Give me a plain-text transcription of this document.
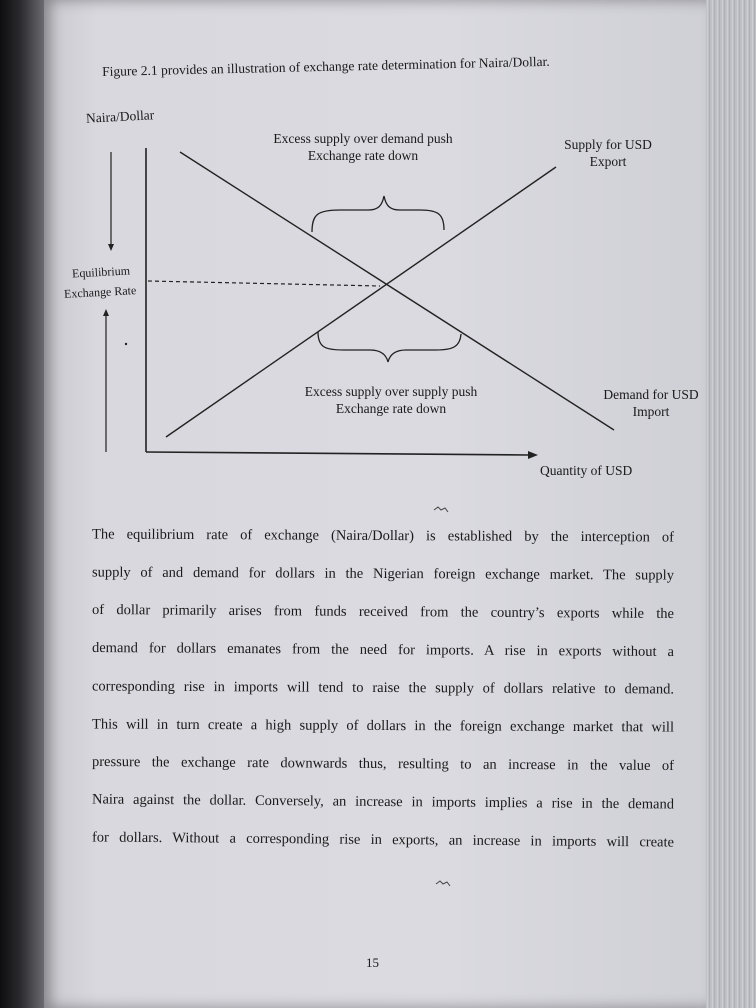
Figure 2.1 provides an illustration of exchange rate determination for Naira/Dollar.
Naira/Dollar
Equilibrium
Exchange Rate
Excess supply over demand push
Exchange rate down
Supply for USD
Export
Excess supply over supply push
Exchange rate down
Demand for USD
Import
Quantity of USD
The equilibrium rate of exchange (Naira/Dollar) is established by the interception of
supply of and demand for dollars in the Nigerian foreign exchange market. The supply
of dollar primarily arises from funds received from the country’s exports while the
demand for dollars emanates from the need for imports. A rise in exports without a
corresponding rise in imports will tend to raise the supply of dollars relative to demand.
This will in turn create a high supply of dollars in the foreign exchange market that will
pressure the exchange rate downwards thus, resulting to an increase in the value of
Naira against the dollar. Conversely, an increase in imports implies a rise in the demand
for dollars. Without a corresponding rise in exports, an increase in imports will create
15
